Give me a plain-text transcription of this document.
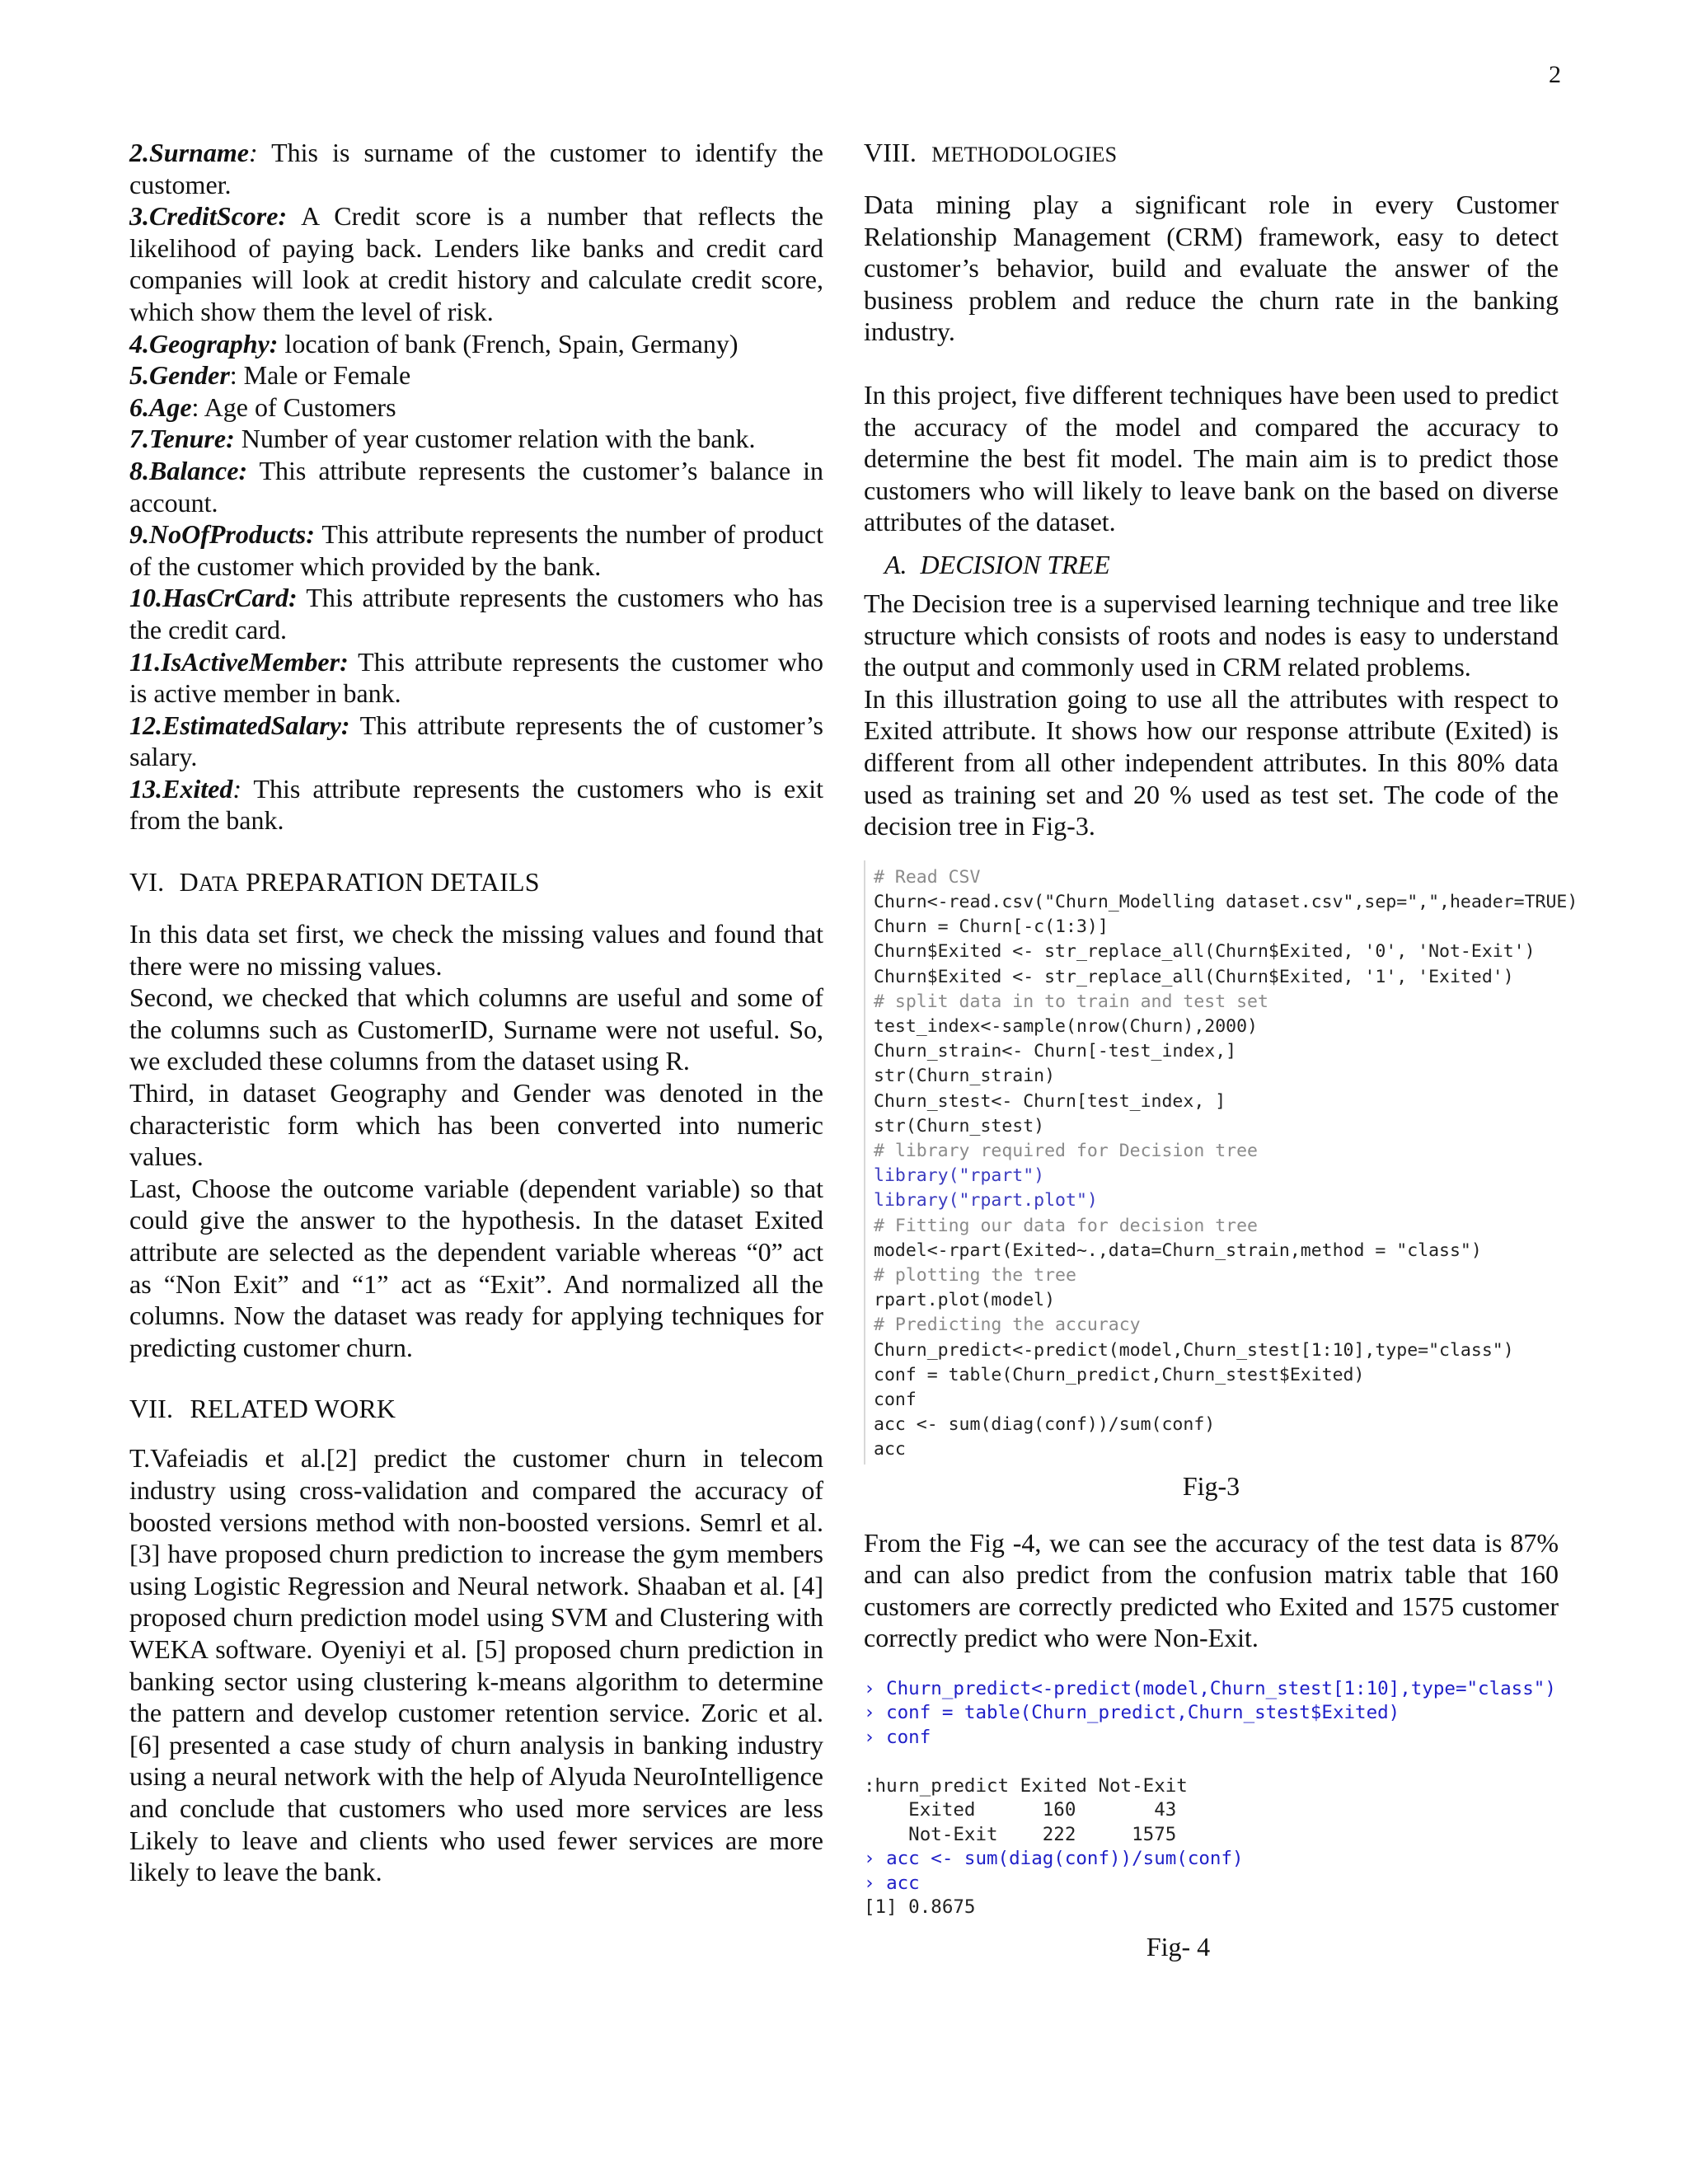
2

2.Surname: This is surname of the customer to identify the customer.

3.CreditScore: A Credit score is a number that reflects the likelihood of paying back. Lenders like banks and credit card companies will look at credit history and calculate credit score, which show them the level of risk.

4.Geography: location of bank (French, Spain, Germany)

5.Gender: Male or Female

6.Age: Age of Customers

7.Tenure: Number of year customer relation with the bank.

8.Balance: This attribute represents the customer’s balance in account.

9.NoOfProducts: This attribute represents the number of product of the customer which provided by the bank.

10.HasCrCard: This attribute represents the customers who has the credit card.

11.IsActiveMember: This attribute represents the customer who is active member in bank.

12.EstimatedSalary: This attribute represents the of customer’s salary.

13.Exited: This attribute represents the customers who is exit from the bank.

VI. DATA PREPARATION DETAILS

In this data set first, we check the missing values and found that there were no missing values.

Second, we checked that which columns are useful and some of the columns such as CustomerID, Surname were not useful. So, we excluded these columns from the dataset using R.

Third, in dataset Geography and Gender was denoted in the characteristic form which has been converted into numeric values.

Last, Choose the outcome variable (dependent variable) so that could give the answer to the hypothesis. In the dataset Exited attribute are selected as the dependent variable whereas “0” act as “Non Exit” and “1” act as “Exit”. And normalized all the columns. Now the dataset was ready for applying techniques for predicting customer churn.

VII. RELATED WORK

T.Vafeiadis et al.[2] predict the customer churn in telecom industry using cross-validation and compared the accuracy of boosted versions method with non-boosted versions. Semrl et al. [3] have proposed churn prediction to increase the gym members using Logistic Regression and Neural network. Shaaban et al. [4] proposed churn prediction model using SVM and Clustering with WEKA software. Oyeniyi et al. [5] proposed churn prediction in banking sector using clustering k-means algorithm to determine the pattern and develop customer retention service. Zoric et al. [6] presented a case study of churn analysis in banking industry using a neural network with the help of Alyuda NeuroIntelligence and conclude that customers who used more services are less Likely to leave and clients who used fewer services are more likely to leave the bank.

VIII. METHODOLOGIES

Data mining play a significant role in every Customer Relationship Management (CRM) framework, easy to detect customer’s behavior, build and evaluate the answer of the business problem and reduce the churn rate in the banking industry.

In this project, five different techniques have been used to predict the accuracy of the model and compared the accuracy to determine the best fit model. The main aim is to predict those customers who will likely to leave bank on the based on diverse attributes of the dataset.

A. DECISION TREE

The Decision tree is a supervised learning technique and tree like structure which consists of roots and nodes is easy to understand the output and commonly used in CRM related problems.

In this illustration going to use all the attributes with respect to Exited attribute. It shows how our response attribute (Exited) is different from all other independent attributes. In this 80% data used as training set and 20 % used as test set. The code of the decision tree in Fig-3.

# Read CSV
Churn<-read.csv("Churn_Modelling dataset.csv",sep=",",header=TRUE)
Churn = Churn[-c(1:3)]
Churn$Exited <- str_replace_all(Churn$Exited, '0', 'Not-Exit')
Churn$Exited <- str_replace_all(Churn$Exited, '1', 'Exited')
# split data in to train and test set
test_index<-sample(nrow(Churn),2000)
Churn_strain<- Churn[-test_index,]
str(Churn_strain)
Churn_stest<- Churn[test_index, ]
str(Churn_stest)
# library required for Decision tree
library("rpart")
library("rpart.plot")
# Fitting our data for decision tree
model<-rpart(Exited~.,data=Churn_strain,method = "class")
# plotting the tree
rpart.plot(model)
# Predicting the accuracy
Churn_predict<-predict(model,Churn_stest[1:10],type="class")
conf = table(Churn_predict,Churn_stest$Exited)
conf
acc <- sum(diag(conf))/sum(conf)
acc

Fig-3

From the Fig -4, we can see the accuracy of the test data is 87% and can also predict from the confusion matrix table that 160 customers are correctly predicted who Exited and 1575 customer correctly predict who were Non-Exit.

› Churn_predict<-predict(model,Churn_stest[1:10],type="class")
› conf = table(Churn_predict,Churn_stest$Exited)
› conf

:hurn_predict Exited Not-Exit
Exited      160       43
Not-Exit    222     1575
› acc <- sum(diag(conf))/sum(conf)
› acc
[1] 0.8675

Fig- 4
